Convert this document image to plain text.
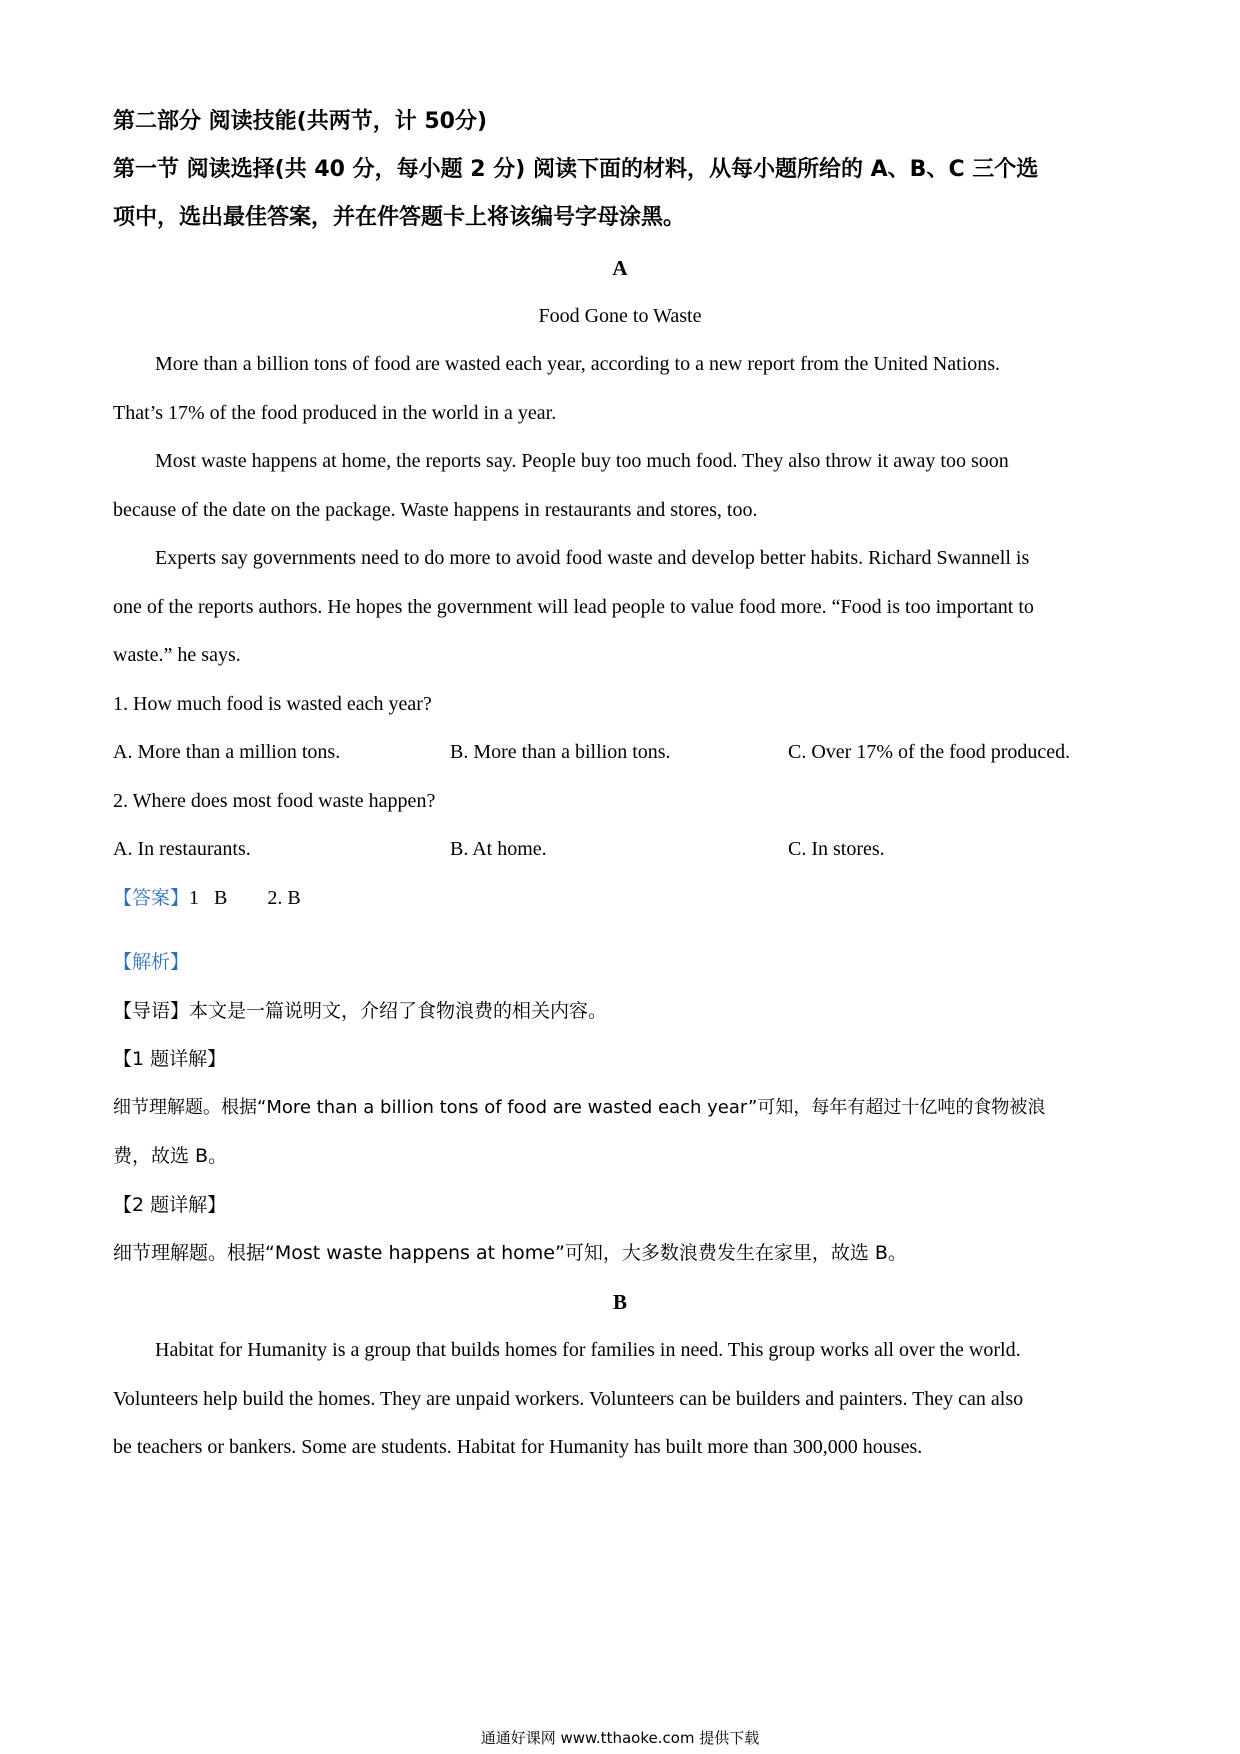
第二部分 阅读技能(共两节，计 50分)

第一节 阅读选择(共 40 分，每小题 2 分) 阅读下面的材料，从每小题所给的 A、B、C 三个选

项中，选出最佳答案，并在件答题卡上将该编号字母涂黑。

A

Food Gone to Waste

More than a billion tons of food are wasted each year, according to a new report from the United Nations.

That’s 17% of the food produced in the world in a year.

Most waste happens at home, the reports say. People buy too much food. They also throw it away too soon

because of the date on the package. Waste happens in restaurants and stores, too.

Experts say governments need to do more to avoid food waste and develop better habits. Richard Swannell is

one of the reports authors. He hopes the government will lead people to value food more. “Food is too important to

waste.” he says.

1. How much food is wasted each year?

A. More than a million tons.	B. More than a billion tons.	C. Over 17% of the food produced.

2. Where does most food waste happen?

A. In restaurants.	B. At home.	C. In stores.

【答案】1   B        2. B

【解析】

【导语】本文是一篇说明文，介绍了食物浪费的相关内容。

【1 题详解】

细节理解题。根据“More than a billion tons of food are wasted each year”可知，每年有超过十亿吨的食物被浪

费，故选 B。

【2 题详解】

细节理解题。根据“Most waste happens at home”可知，大多数浪费发生在家里，故选 B。

B

Habitat for Humanity is a group that builds homes for families in need. This group works all over the world.

Volunteers help build the homes. They are unpaid workers. Volunteers can be builders and painters. They can also

be teachers or bankers. Some are students. Habitat for Humanity has built more than 300,000 houses.

通通好课网 www.tthaoke.com 提供下载
